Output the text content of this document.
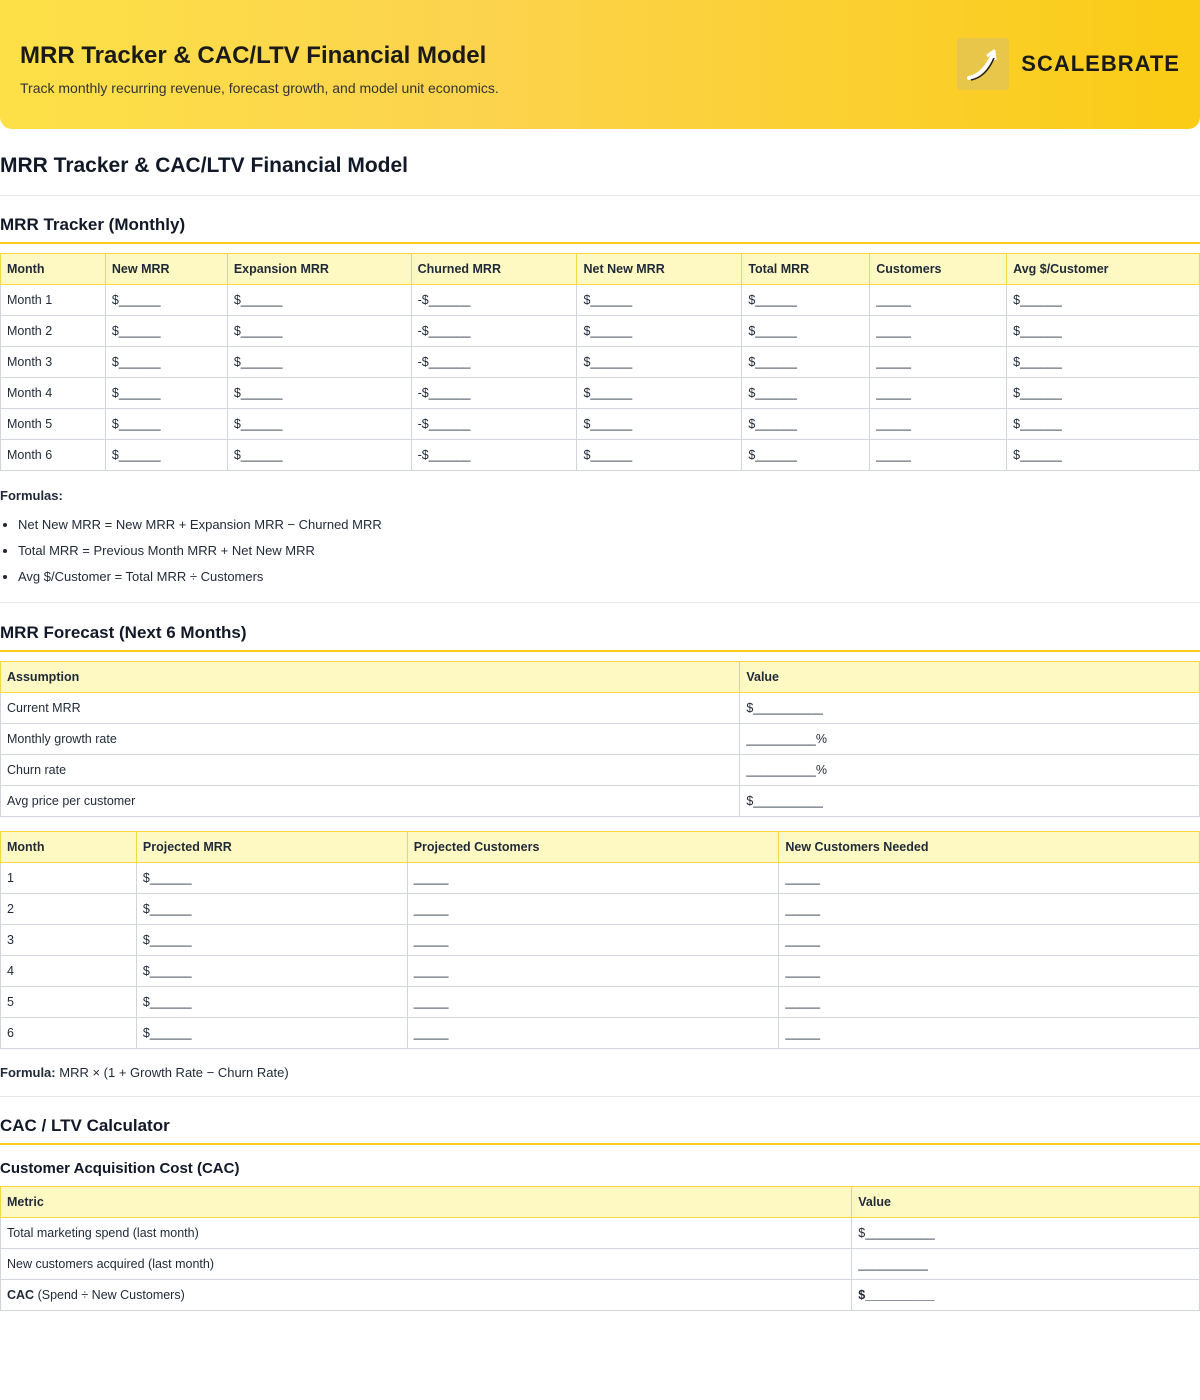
MRR Tracker & CAC/LTV Financial Model
Track monthly recurring revenue, forecast growth, and model unit economics.
SCALEBRATE
MRR Tracker & CAC/LTV Financial Model
MRR Tracker (Monthly)
Month	New MRR	Expansion MRR	Churned MRR	Net New MRR	Total MRR	Customers	Avg $/Customer
Month 1	$______	$______	-$______	$______	$______	_____	$______
Month 2	$______	$______	-$______	$______	$______	_____	$______
Month 3	$______	$______	-$______	$______	$______	_____	$______
Month 4	$______	$______	-$______	$______	$______	_____	$______
Month 5	$______	$______	-$______	$______	$______	_____	$______
Month 6	$______	$______	-$______	$______	$______	_____	$______
Formulas:
• Net New MRR = New MRR + Expansion MRR − Churned MRR
• Total MRR = Previous Month MRR + Net New MRR
• Avg $/Customer = Total MRR ÷ Customers
MRR Forecast (Next 6 Months)
Assumption	Value
Current MRR	$__________
Monthly growth rate	__________%
Churn rate	__________%
Avg price per customer	$__________
Month	Projected MRR	Projected Customers	New Customers Needed
1	$______	_____	_____
2	$______	_____	_____
3	$______	_____	_____
4	$______	_____	_____
5	$______	_____	_____
6	$______	_____	_____
Formula: MRR × (1 + Growth Rate − Churn Rate)
CAC / LTV Calculator
Customer Acquisition Cost (CAC)
Metric	Value
Total marketing spend (last month)	$__________
New customers acquired (last month)	__________
CAC (Spend ÷ New Customers)	$__________
